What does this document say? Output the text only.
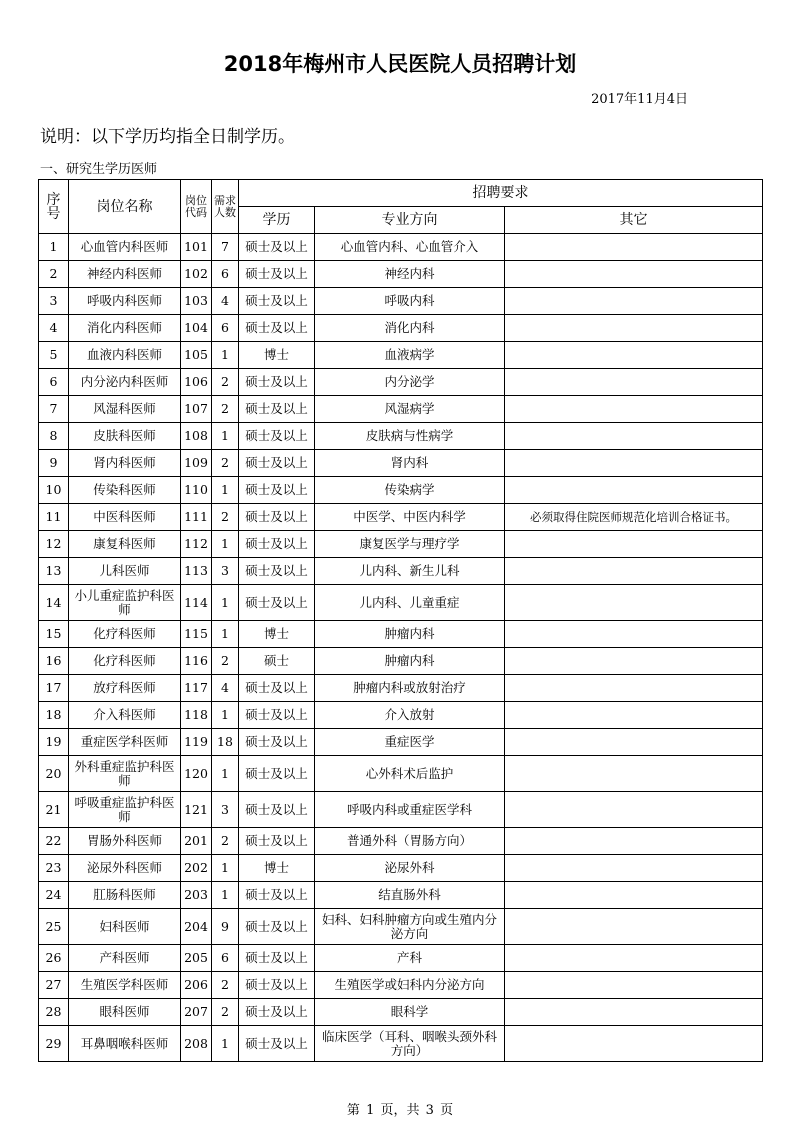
2018年梅州市人民医院人员招聘计划
2017年11月4日
说明：以下学历均指全日制学历。
一、研究生学历医师
序号	岗位名称	岗位代码	需求人数	招聘要求		
				学历	专业方向	其它
1	心血管内科医师	101	7	硕士及以上	心血管内科、心血管介入	
2	神经内科医师	102	6	硕士及以上	神经内科	
3	呼吸内科医师	103	4	硕士及以上	呼吸内科	
4	消化内科医师	104	6	硕士及以上	消化内科	
5	血液内科医师	105	1	博士	血液病学	
6	内分泌内科医师	106	2	硕士及以上	内分泌学	
7	风湿科医师	107	2	硕士及以上	风湿病学	
8	皮肤科医师	108	1	硕士及以上	皮肤病与性病学	
9	肾内科医师	109	2	硕士及以上	肾内科	
10	传染科医师	110	1	硕士及以上	传染病学	
11	中医科医师	111	2	硕士及以上	中医学、中医内科学	必须取得住院医师规范化培训合格证书。
12	康复科医师	112	1	硕士及以上	康复医学与理疗学	
13	儿科医师	113	3	硕士及以上	儿内科、新生儿科	
14	小儿重症监护科医师	114	1	硕士及以上	儿内科、儿童重症	
15	化疗科医师	115	1	博士	肿瘤内科	
16	化疗科医师	116	2	硕士	肿瘤内科	
17	放疗科医师	117	4	硕士及以上	肿瘤内科或放射治疗	
18	介入科医师	118	1	硕士及以上	介入放射	
19	重症医学科医师	119	18	硕士及以上	重症医学	
20	外科重症监护科医师	120	1	硕士及以上	心外科术后监护	
21	呼吸重症监护科医师	121	3	硕士及以上	呼吸内科或重症医学科	
22	胃肠外科医师	201	2	硕士及以上	普通外科（胃肠方向）	
23	泌尿外科医师	202	1	博士	泌尿外科	
24	肛肠科医师	203	1	硕士及以上	结直肠外科	
25	妇科医师	204	9	硕士及以上	妇科、妇科肿瘤方向或生殖内分泌方向	
26	产科医师	205	6	硕士及以上	产科	
27	生殖医学科医师	206	2	硕士及以上	生殖医学或妇科内分泌方向	
28	眼科医师	207	2	硕士及以上	眼科学	
29	耳鼻咽喉科医师	208	1	硕士及以上	临床医学（耳科、咽喉头颈外科方向）	
第 1 页，共 3 页
